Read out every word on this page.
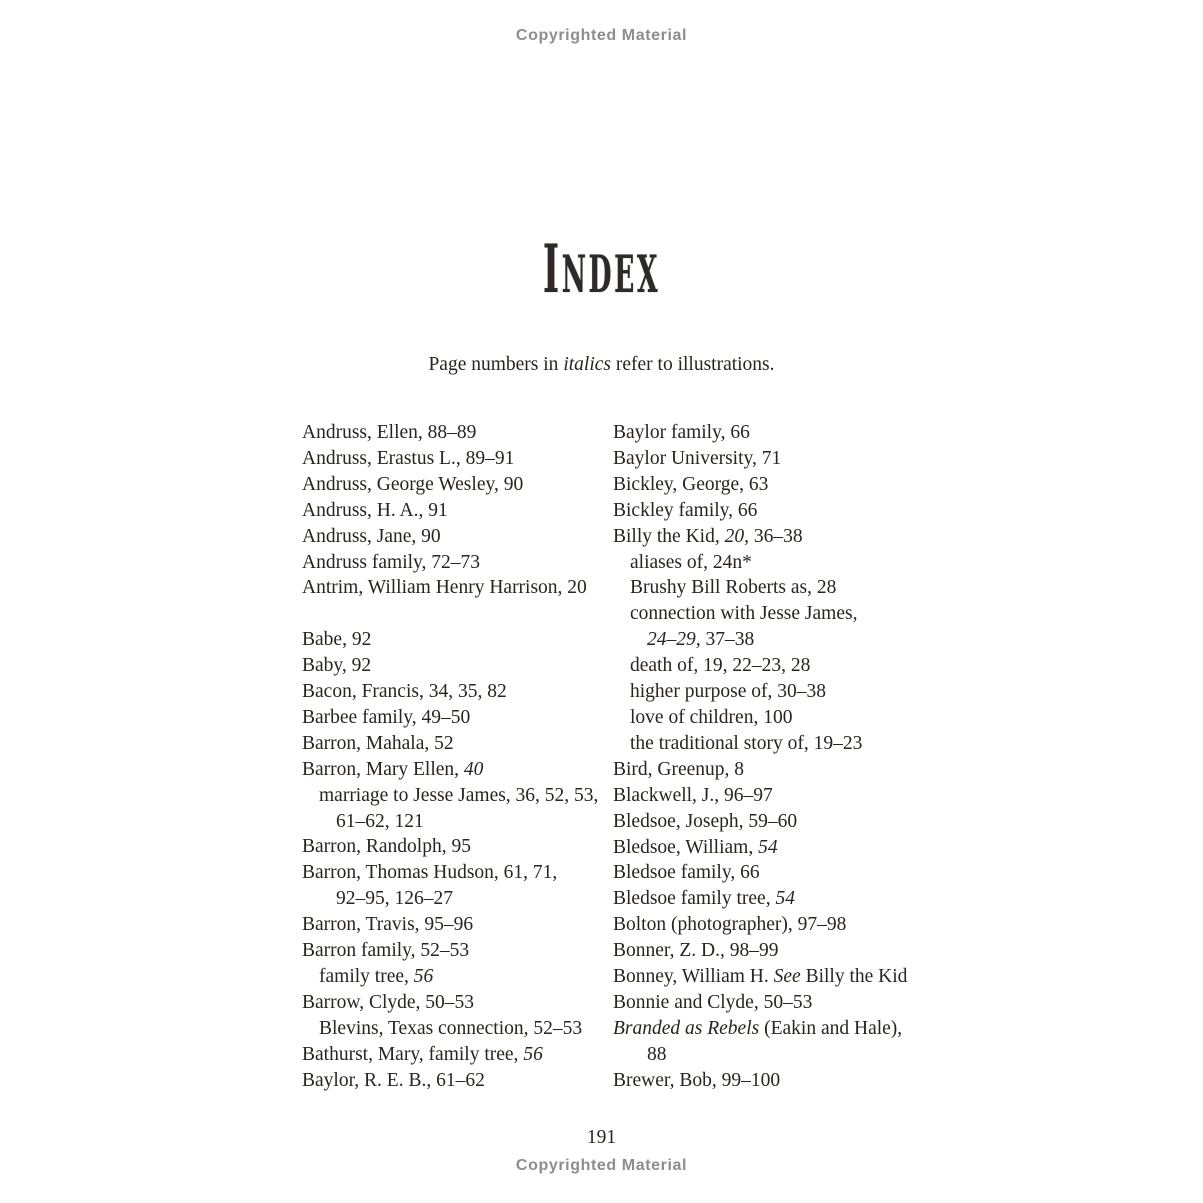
Copyrighted Material
INDEX
Page numbers in italics refer to illustrations.
Andruss, Ellen, 88–89
Andruss, Erastus L., 89–91
Andruss, George Wesley, 90
Andruss, H. A., 91
Andruss, Jane, 90
Andruss family, 72–73
Antrim, William Henry Harrison, 20
Babe, 92
Baby, 92
Bacon, Francis, 34, 35, 82
Barbee family, 49–50
Barron, Mahala, 52
Barron, Mary Ellen, 40
marriage to Jesse James, 36, 52, 53,
61–62, 121
Barron, Randolph, 95
Barron, Thomas Hudson, 61, 71,
92–95, 126–27
Barron, Travis, 95–96
Barron family, 52–53
family tree, 56
Barrow, Clyde, 50–53
Blevins, Texas connection, 52–53
Bathurst, Mary, family tree, 56
Baylor, R. E. B., 61–62
Baylor family, 66
Baylor University, 71
Bickley, George, 63
Bickley family, 66
Billy the Kid, 20, 36–38
aliases of, 24n*
Brushy Bill Roberts as, 28
connection with Jesse James,
24–29, 37–38
death of, 19, 22–23, 28
higher purpose of, 30–38
love of children, 100
the traditional story of, 19–23
Bird, Greenup, 8
Blackwell, J., 96–97
Bledsoe, Joseph, 59–60
Bledsoe, William, 54
Bledsoe family, 66
Bledsoe family tree, 54
Bolton (photographer), 97–98
Bonner, Z. D., 98–99
Bonney, William H. See Billy the Kid
Bonnie and Clyde, 50–53
Branded as Rebels (Eakin and Hale),
88
Brewer, Bob, 99–100
191
Copyrighted Material
